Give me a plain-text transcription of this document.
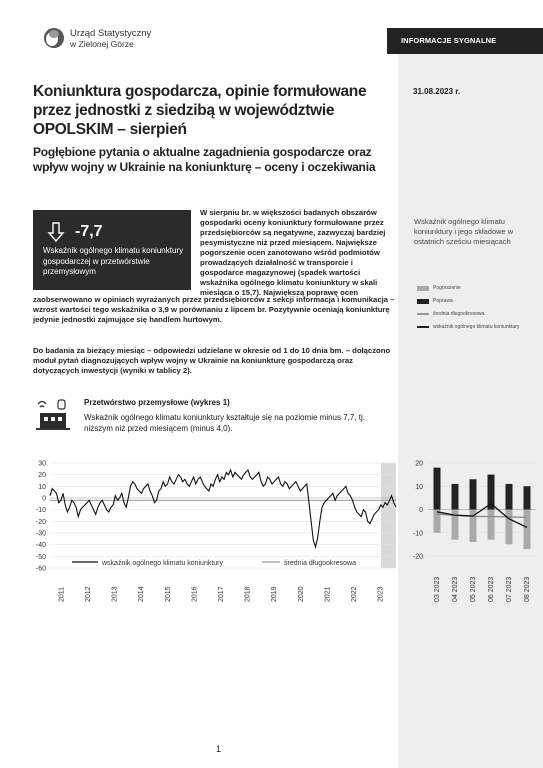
Urząd Statystyczny
w Zielonej Górze	INFORMACJE SYGNALNE
31.08.2023 r.
Koniunktura gospodarcza, opinie formułowane przez jednostki z siedzibą w województwie OPOLSKIM – sierpień
Pogłębione pytania o aktualne zagadnienia gospodarcze oraz wpływ wojny w Ukrainie na koniunkturę – oceny i oczekiwania
-7,7
Wskaźnik ogólnego klimatu koniunktury gospodarczej w przetwórstwie przemysłowym
W sierpniu br. w większości badanych obszarów gospodarki oceny koniunktury formułowane przez przedsiębiorców są negatywne, zazwyczaj bardziej pesymistyczne niż przed miesiącem. Największe pogorszenie ocen zanotowano wśród podmiotów prowadzących działalność w transporcie i gospodarce magazynowej (spadek wartości wskaźnika ogólnego klimatu koniunktury w skali miesiąca o 15,7). Największą poprawę ocen
zaobserwowano w opiniach wyrażanych przez przedsiębiorców z sekcji informacja i komunikacja – wzrost wartości tego wskaźnika o 3,9 w porównaniu z lipcem br. Pozytywnie oceniają koniunkturę jedynie jednostki zajmujące się handlem hurtowym.
Do badania za bieżący miesiąc – odpowiedzi udzielane w okresie od 1 do 10 dnia bm. – dołączono moduł pytań diagnozujących wpływ wojny w Ukrainie na koniunkturę gospodarczą oraz dotyczących inwestycji (wyniki w tablicy 2).
Wskaźnik ogólnego klimatu koniunktury i jego składowe w ostatnich sześciu miesiącach
Pogorszenie
Poprawa
średnia długookresowa
wskaźnik ogólnego klimatu koniunktury
Przetwórstwo przemysłowe (wykres 1)
Wskaźnik ogólnego klimatu koniunktury kształtuje się na poziomie minus 7,7, tj. niższym niż przed miesiącem (minus 4,0).
30
20
10
0
-10
-20
-30
-40
-50
-60
2011	2012	2013	2014	2015	2016	2017	2018	2019	2020	2021	2022	2023
wskaźnik ogólnego klimatu koniunktury	średnia długookresowa
20
10
0
-10
-20
03 2023 04 2023 05 2023 06 2023 07 2023 08 2023
1
